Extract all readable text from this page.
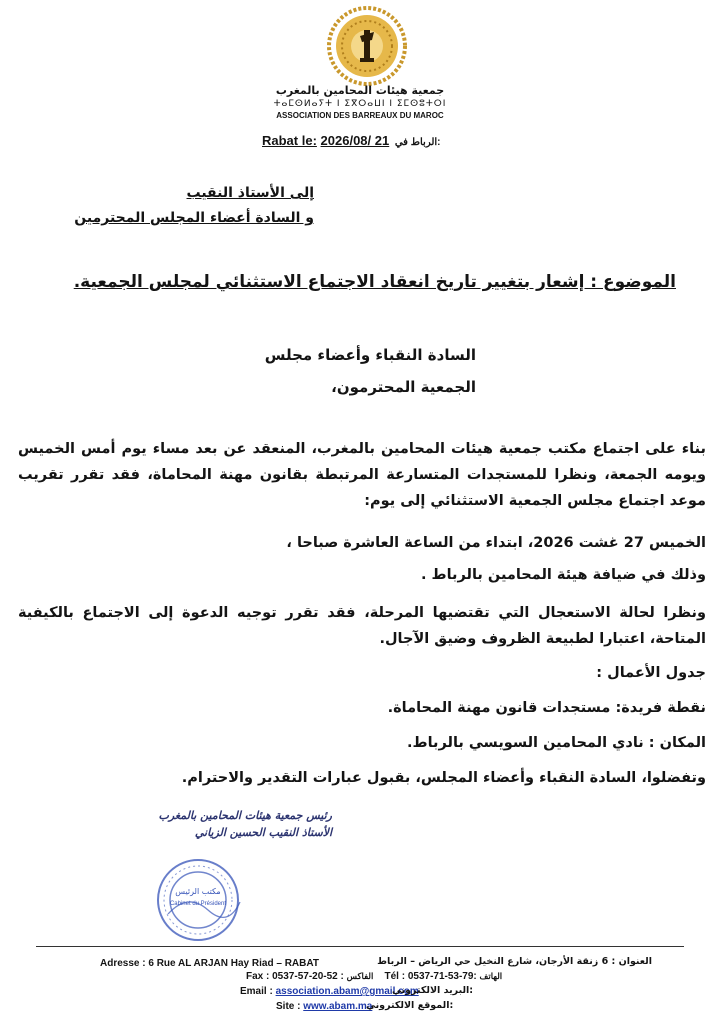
جمعية هيئات المحامين بالمغرب
ⵜⴰⵎⵙⵍⴰⵢⵜ ⵏ ⵉⴳⵔⴰⵡⵏ ⵏ ⵉⵎⵙⵓⵜⵔⵏ
ASSOCIATION DES BARREAUX DU MAROC
Rabat le: 2026/08/ 21 الرباط في:
إلى الأستاذ النقيب
و السادة أعضاء المجلس المحترمين
الموضوع : إشعار بتغيير تاريخ انعقاد الاجتماع الاستثنائي لمجلس الجمعية.
السادة النقباء وأعضاء مجلس
الجمعية المحترمون،
بناء على اجتماع مكتب جمعية هيئات المحامين بالمغرب، المنعقد عن بعد مساء يوم أمس الخميس ويومه الجمعة، ونظرا للمستجدات المتسارعة المرتبطة بقانون مهنة المحاماة، فقد تقرر تقريب موعد اجتماع مجلس الجمعية الاستثنائي إلى يوم:
الخميس 27 غشت 2026، ابتداء من الساعة العاشرة صباحا ،
وذلك في ضيافة هيئة المحامين بالرباط .
ونظرا لحالة الاستعجال التي تقتضيها المرحلة، فقد تقرر توجيه الدعوة إلى الاجتماع بالكيفية المتاحة، اعتبارا لطبيعة الظروف وضيق الآجال.
جدول الأعمال :
نقطة فريدة: مستجدات قانون مهنة المحاماة.
المكان : نادي المحامين السويسي بالرباط.
وتفضلوا، السادة النقباء وأعضاء المجلس، بقبول عبارات التقدير والاحترام.
رئيس جمعية هيئات المحامين بالمغرب
الأستاذ النقيب الحسين الزياني
مكتب الرئيس
Cabinet du Président
Adresse : 6 Rue AL ARJAN Hay Riad – RABAT	العنوان : 6 زنقة الأرجان، شارع النخيل حي الرياض – الرباط
Fax : 0537-57-20-52 : الفاكس Tél : 0537-71-53-79: الهاتف
Email : association.abam@gmail.com
:البريد الالكتروني
Site : www.abam.ma
:الموقع الالكتروني
